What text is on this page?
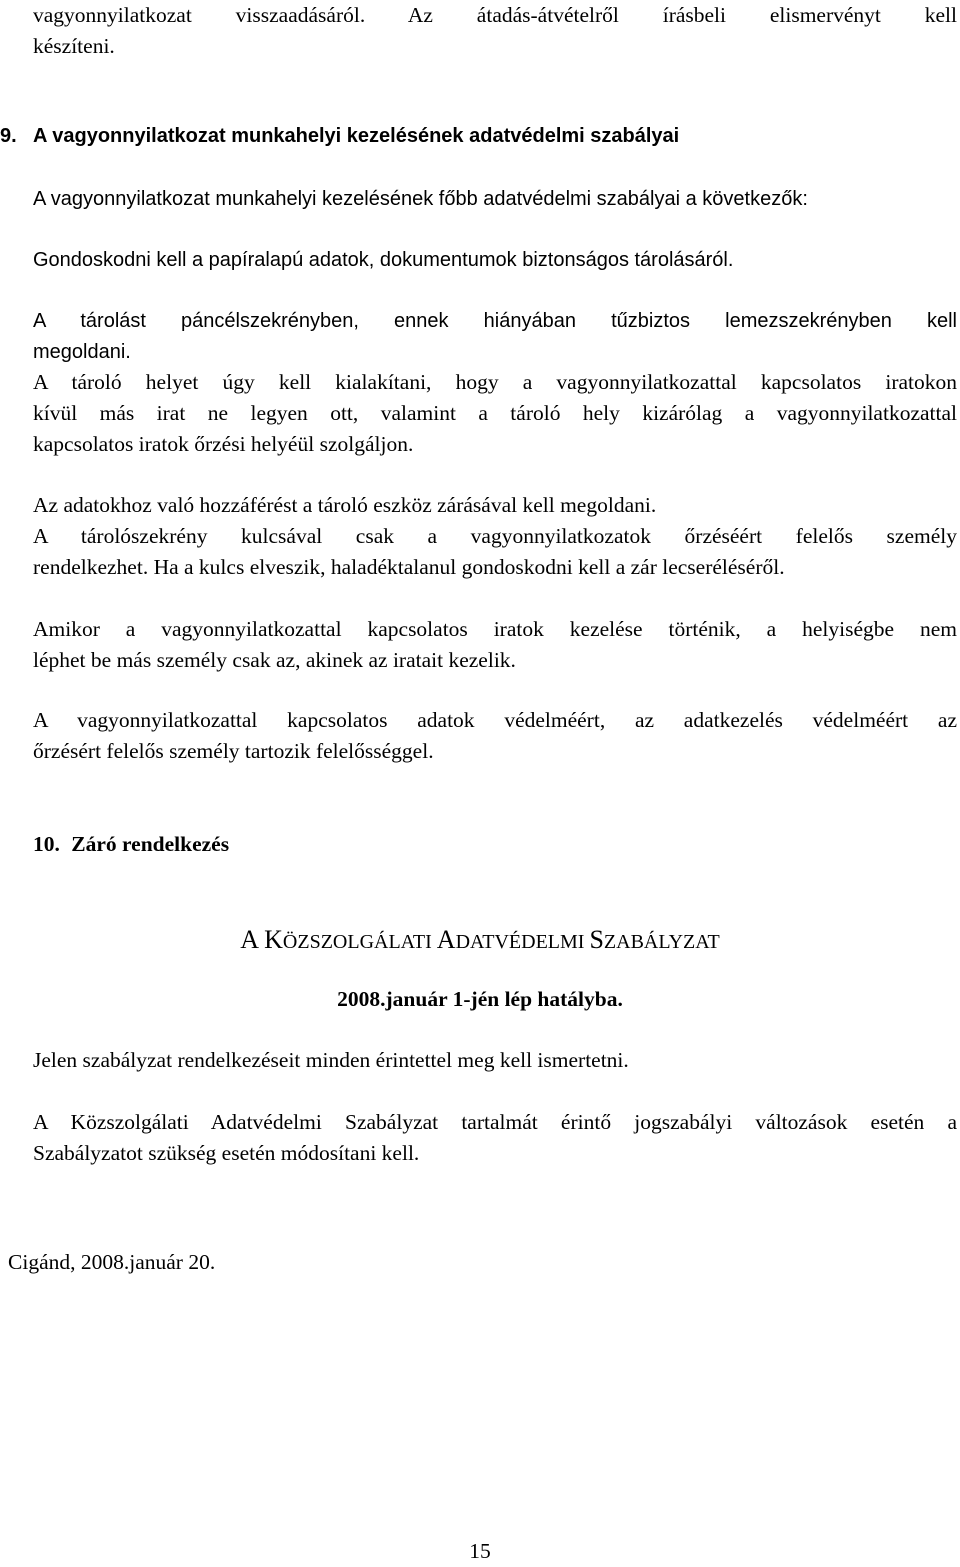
vagyonnyilatkozat visszaadásáról. Az átadás-átvételről írásbeli elismervényt kell
készíteni.
9. A vagyonnyilatkozat munkahelyi kezelésének adatvédelmi szabályai
A vagyonnyilatkozat munkahelyi kezelésének főbb adatvédelmi szabályai a következők:
Gondoskodni kell a papíralapú adatok, dokumentumok biztonságos tárolásáról.
A tárolást páncélszekrényben, ennek hiányában tűzbiztos lemezszekrényben kell
megoldani.
A tároló helyet úgy kell kialakítani, hogy a vagyonnyilatkozattal kapcsolatos iratokon
kívül más irat ne legyen ott, valamint a tároló hely kizárólag a vagyonnyilatkozattal
kapcsolatos iratok őrzési helyéül szolgáljon.
Az adatokhoz való hozzáférést a tároló eszköz zárásával kell megoldani.
A tárolószekrény kulcsával csak a vagyonnyilatkozatok őrzéséért felelős személy
rendelkezhet. Ha a kulcs elveszik, haladéktalanul gondoskodni kell a zár lecseréléséről.
Amikor a vagyonnyilatkozattal kapcsolatos iratok kezelése történik, a helyiségbe nem
léphet be más személy csak az, akinek az iratait kezelik.
A vagyonnyilatkozattal kapcsolatos adatok védelméért, az adatkezelés védelméért az
őrzésért felelős személy tartozik felelősséggel.
10. Záró rendelkezés
A KÖZSZOLGÁLATI ADATVÉDELMI SZABÁLYZAT
2008.január 1-jén lép hatályba.
Jelen szabályzat rendelkezéseit minden érintettel meg kell ismertetni.
A Közszolgálati Adatvédelmi Szabályzat tartalmát érintő jogszabályi változások esetén a
Szabályzatot szükség esetén módosítani kell.
Cigánd, 2008.január 20.
15
